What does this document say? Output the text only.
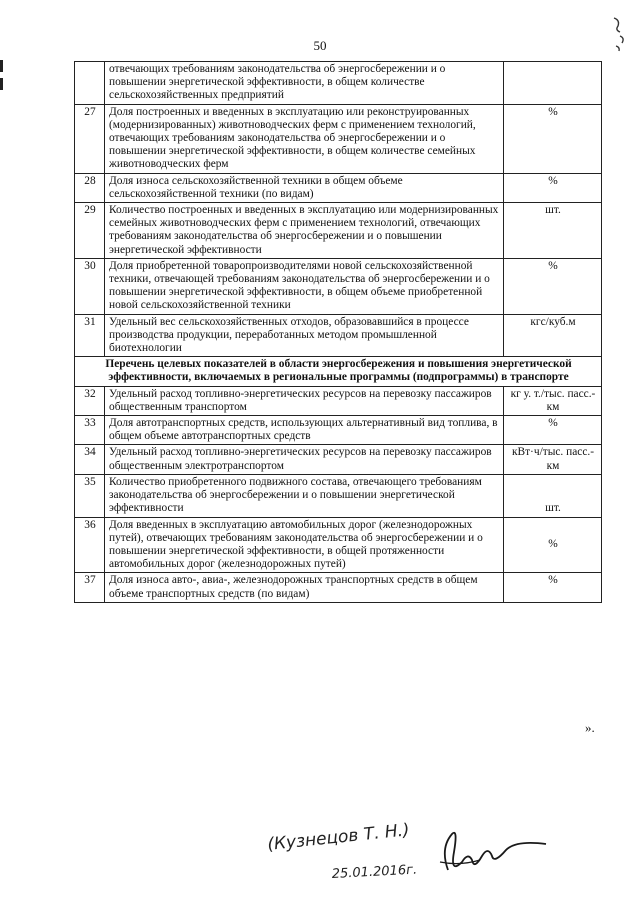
50
	отвечающих требованиям законодательства об энергосбережении и о повышении энергетической эффективности, в общем количестве сельскохозяйственных предприятий	
27	Доля построенных и введенных в эксплуатацию или реконструированных (модернизированных) животноводческих ферм с применением технологий, отвечающих требованиям законодательства об энергосбережении и о повышении энергетической эффективности, в общем количестве семейных животноводческих ферм	%
28	Доля износа сельскохозяйственной техники в общем объеме сельскохозяйственной техники (по видам)	%
29	Количество построенных и введенных в эксплуатацию или модернизированных семейных животноводческих ферм с применением технологий, отвечающих требованиям законодательства об энергосбережении и о повышении энергетической эффективности	шт.
30	Доля приобретенной товаропроизводителями новой сельскохозяйственной техники, отвечающей требованиям законодательства об энергосбережении и о повышении энергетической эффективности, в общем объеме приобретенной новой сельскохозяйственной техники	%
31	Удельный вес сельскохозяйственных отходов, образовавшийся в процессе производства продукции, переработанных методом промышленной биотехнологии	кгс/куб.м
Перечень целевых показателей в области энергосбережения и повышения энергетической эффективности, включаемых в региональные программы (подпрограммы) в транспорте		
32	Удельный расход топливно-энергетических ресурсов на перевозку пассажиров общественным транспортом	кг у. т./тыс. пасс.- км
33	Доля автотранспортных средств, использующих альтернативный вид топлива, в общем объеме автотранспортных средств	%
34	Удельный расход топливно-энергетических ресурсов на перевозку пассажиров общественным электротранспортом	кВт·ч/тыс. пасс.-км
35	Количество приобретенного подвижного состава, отвечающего требованиям законодательства об энергосбережении и о повышении энергетической эффективности	шт.
36	Доля введенных в эксплуатацию автомобильных дорог (железнодорожных путей), отвечающих требованиям законодательства об энергосбережении и о повышении энергетической эффективности, в общей протяженности автомобильных дорог (железнодорожных путей)	%
37	Доля износа авто-, авиа-, железнодорожных транспортных средств в общем объеме транспортных средств (по видам)	%
».
(Кузнецов Т. Н.)
25.01.2016г.
